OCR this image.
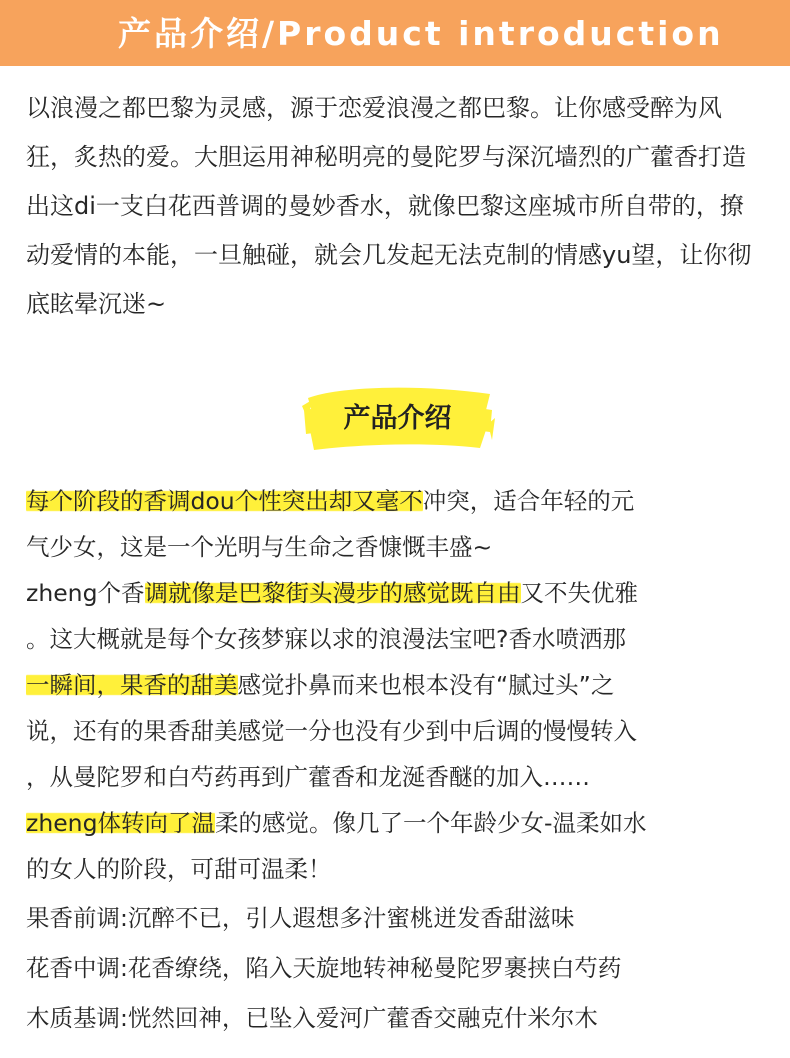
产品介绍/Product introduction

以浪漫之都巴黎为灵感，源于恋爱浪漫之都巴黎。让你感受醉为风狂，炙热的爱。大胆运用神秘明亮的曼陀罗与深沉墙烈的广藿香打造出这di一支白花西普调的曼妙香水，就像巴黎这座城市所自带的，撩动爱情的本能，一旦触碰，就会几发起无法克制的情感yu望，让你彻底眩晕沉迷~

产品介绍
每个阶段的香调dou个性突出却又毫不冲突，适合年轻的元
气少女，这是一个光明与生命之香慷慨丰盛~
zheng个香调就像是巴黎街头漫步的感觉既自由又不失优雅
。这大概就是每个女孩梦寐以求的浪漫法宝吧?香水喷洒那
一瞬间，果香的甜美感觉扑鼻而来也根本没有“腻过头”之
说，还有的果香甜美感觉一分也没有少到中后调的慢慢转入
，从曼陀罗和白芍药再到广藿香和龙涎香醚的加入……
zheng体转向了温柔的感觉。像几了一个年龄少女-温柔如水
的女人的阶段，可甜可温柔！
果香前调:沉醉不已，引人遐想多汁蜜桃迸发香甜滋味
花香中调:花香缭绕，陷入天旋地转神秘曼陀罗裹挟白芍药
木质基调:恍然回神，已坠入爱河广藿香交融克什米尔木
